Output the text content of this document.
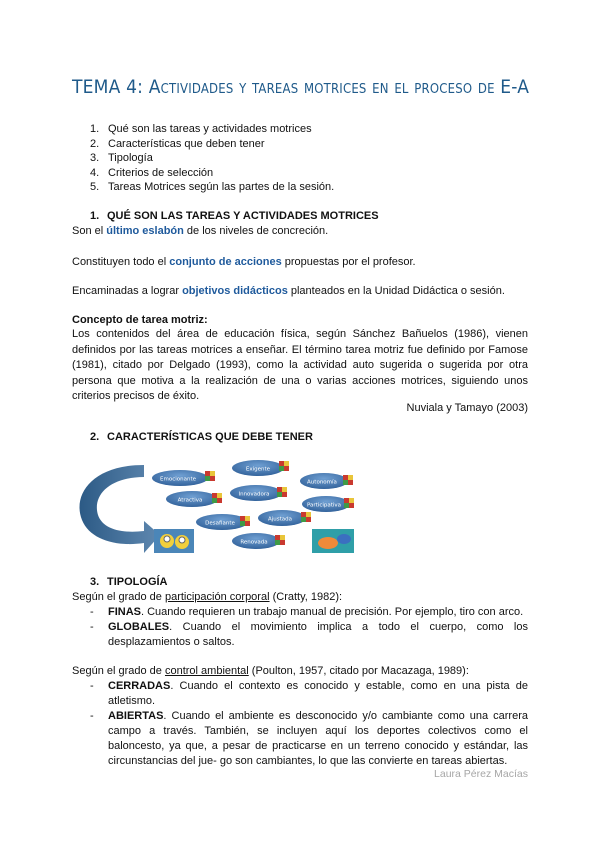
TEMA 4: Actividades y tareas motrices en el proceso de E-A
1. Qué son las tareas y actividades motrices
2. Características que deben tener
3. Tipología
4. Criterios de selección
5. Tareas Motrices según las partes de la sesión.
1. QUÉ SON LAS TAREAS Y ACTIVIDADES MOTRICES
Son el último eslabón de los niveles de concreción.
Constituyen todo el conjunto de acciones propuestas por el profesor.
Encaminadas a lograr objetivos didácticos planteados en la Unidad Didáctica o sesión.
Concepto de tarea motriz:
Los contenidos del área de educación física, según Sánchez Bañuelos (1986), vienen definidos por las tareas motrices a enseñar. El término tarea motriz fue definido por Famose (1981), citado por Delgado (1993), como la actividad auto sugerida o sugerida por otra persona que motiva a la realización de una o varias acciones motrices, siguiendo unos criterios precisos de éxito.
Nuviala y Tamayo (2003)
2. CARACTERÍSTICAS QUE DEBE TENER
Exigente
Emocionante	Autonomía
Innovadora
Atractiva
Participativa
Ajustada
Desafiante
Renovada
3. TIPOLOGÍA
Según el grado de participación corporal (Cratty, 1982):
- FINAS. Cuando requieren un trabajo manual de precisión. Por ejemplo, tiro con arco.
- GLOBALES. Cuando el movimiento implica a todo el cuerpo, como los desplazamientos o saltos.
Según el grado de control ambiental (Poulton, 1957, citado por Macazaga, 1989):
- CERRADAS. Cuando el contexto es conocido y estable, como en una pista de atletismo.
- ABIERTAS. Cuando el ambiente es desconocido y/o cambiante como una carrera campo a través. También, se incluyen aquí los deportes colectivos como el baloncesto, ya que, a pesar de practicarse en un terreno conocido y estándar, las circunstancias del jue- go son cambiantes, lo que las convierte en tareas abiertas.
Laura Pérez Macías
